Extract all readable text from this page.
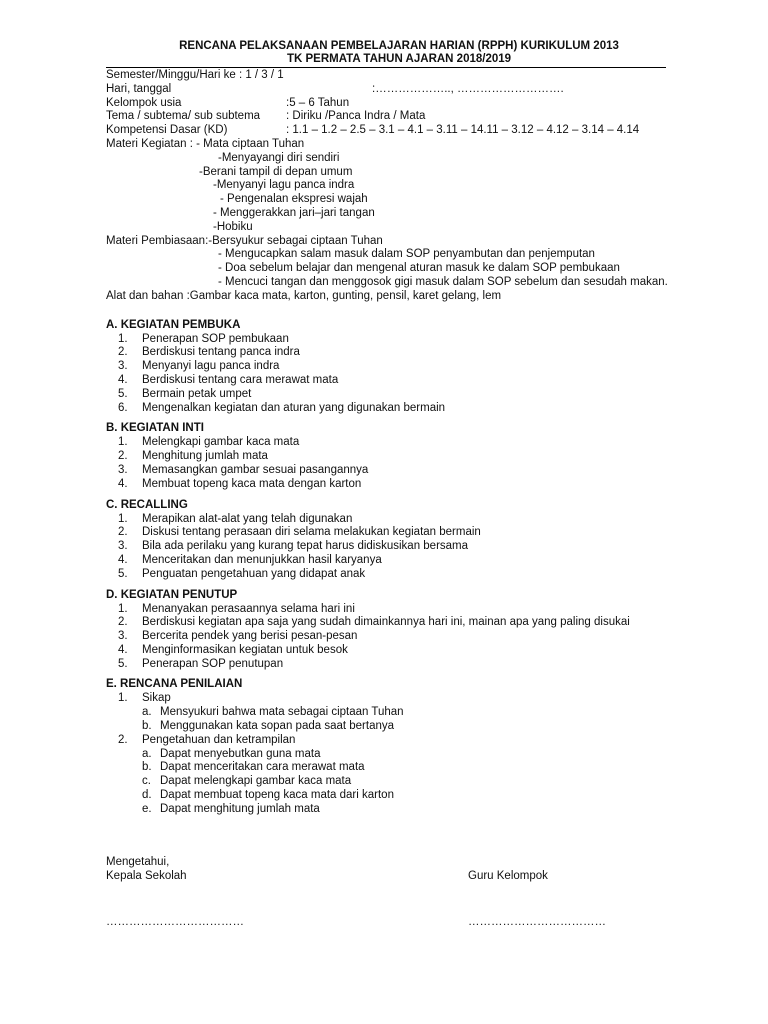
RENCANA PELAKSANAAN PEMBELAJARAN HARIAN (RPPH) KURIKULUM 2013
TK PERMATA TAHUN AJARAN 2018/2019
Semester/Minggu/Hari ke : 1 / 3 / 1
Hari, tanggal	:……………….., ……………………….
Kelompok usia	:5 – 6 Tahun
Tema / subtema/ sub subtema : Diriku /Panca Indra / Mata
Kompetensi Dasar (KD)	: 1.1 – 1.2 – 2.5 – 3.1 – 4.1 – 3.11 – 14.11 – 3.12 – 4.12 – 3.14 – 4.14
Materi Kegiatan : - Mata ciptaan Tuhan
-Menyayangi diri sendiri
-Berani tampil di depan umum
-Menyanyi lagu panca indra
- Pengenalan ekspresi wajah
- Menggerakkan jari–jari tangan
-Hobiku
Materi Pembiasaan:-Bersyukur sebagai ciptaan Tuhan
- Mengucapkan salam masuk dalam SOP penyambutan dan penjemputan
- Doa sebelum belajar dan mengenal aturan masuk ke dalam SOP pembukaan
- Mencuci tangan dan menggosok gigi masuk dalam SOP sebelum dan sesudah makan.
Alat dan bahan :Gambar kaca mata, karton, gunting, pensil, karet gelang, lem
A. KEGIATAN PEMBUKA
1.	Penerapan SOP pembukaan
2.	Berdiskusi tentang panca indra
3.	Menyanyi lagu panca indra
4.	Berdiskusi tentang cara merawat mata
5.	Bermain petak umpet
6.	Mengenalkan kegiatan dan aturan yang digunakan bermain
B. KEGIATAN INTI
1.	Melengkapi gambar kaca mata
2.	Menghitung jumlah mata
3.	Memasangkan gambar sesuai pasangannya
4.	Membuat topeng kaca mata dengan karton
C. RECALLING
1.	Merapikan alat-alat yang telah digunakan
2.	Diskusi tentang perasaan diri selama melakukan kegiatan bermain
3.	Bila ada perilaku yang kurang tepat harus didiskusikan bersama
4.	Menceritakan dan menunjukkan hasil karyanya
5.	Penguatan pengetahuan yang didapat anak
D. KEGIATAN PENUTUP
1.	Menanyakan perasaannya selama hari ini
2.	Berdiskusi kegiatan apa saja yang sudah dimainkannya hari ini, mainan apa yang paling disukai
3.	Bercerita pendek yang berisi pesan-pesan
4.	Menginformasikan kegiatan untuk besok
5.	Penerapan SOP penutupan
E. RENCANA PENILAIAN
1.	Sikap
a. Mensyukuri bahwa mata sebagai ciptaan Tuhan
b. Menggunakan kata sopan pada saat bertanya
2.	Pengetahuan dan ketrampilan
a. Dapat menyebutkan guna mata
b. Dapat menceritakan cara merawat mata
c. Dapat melengkapi gambar kaca mata
d. Dapat membuat topeng kaca mata dari karton
e. Dapat menghitung jumlah mata
Mengetahui,
Kepala Sekolah	Guru Kelompok
………………………………	………………………………
